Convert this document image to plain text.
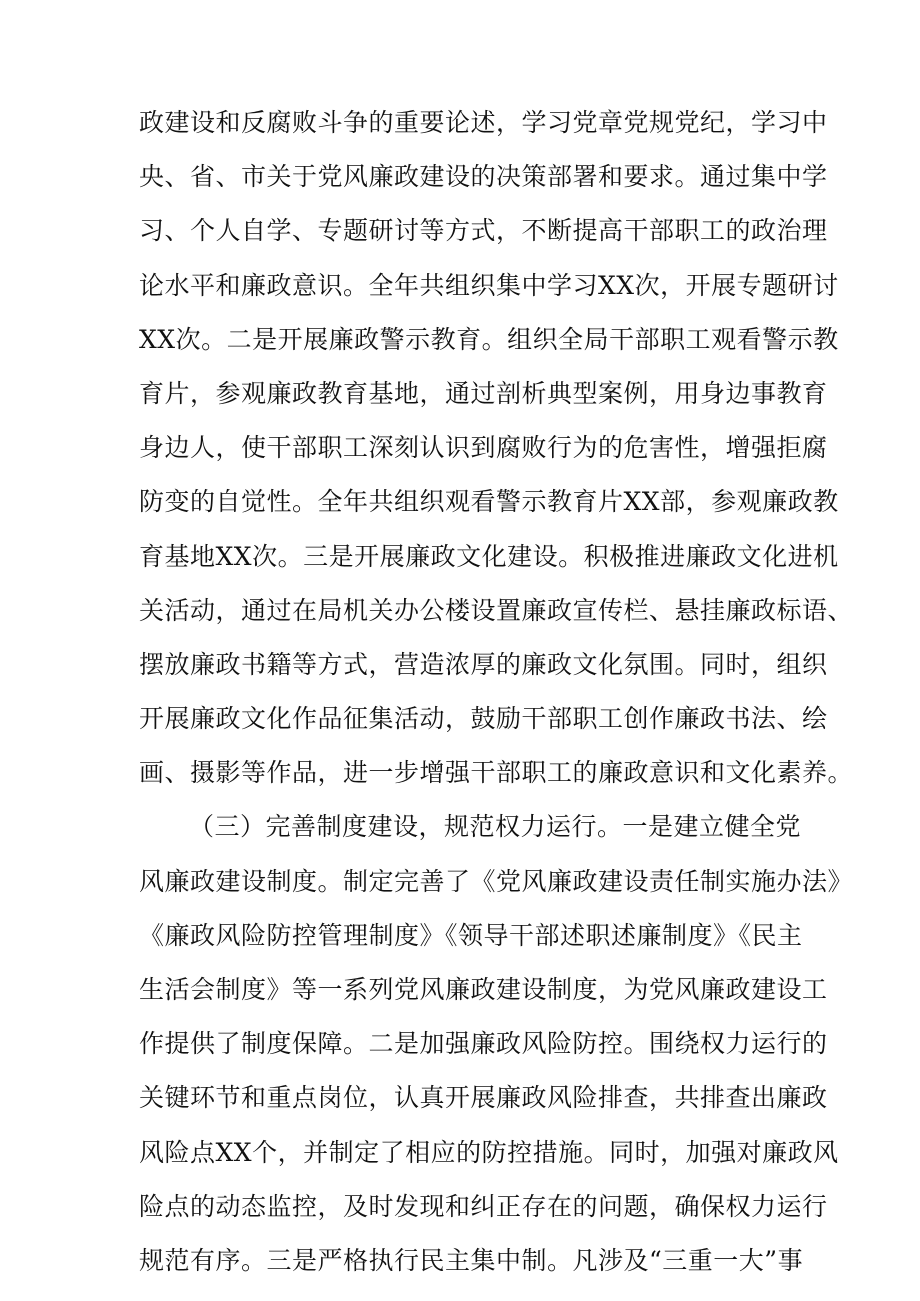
政建设和反腐败斗争的重要论述，学习党章党规党纪，学习中
央、省、市关于党风廉政建设的决策部署和要求。通过集中学
习、个人自学、专题研讨等方式，不断提高干部职工的政治理
论水平和廉政意识。全年共组织集中学习XX次，开展专题研讨
XX次。二是开展廉政警示教育。组织全局干部职工观看警示教
育片，参观廉政教育基地，通过剖析典型案例，用身边事教育
身边人，使干部职工深刻认识到腐败行为的危害性，增强拒腐
防变的自觉性。全年共组织观看警示教育片XX部，参观廉政教
育基地XX次。三是开展廉政文化建设。积极推进廉政文化进机
关活动，通过在局机关办公楼设置廉政宣传栏、悬挂廉政标语、
摆放廉政书籍等方式，营造浓厚的廉政文化氛围。同时，组织
开展廉政文化作品征集活动，鼓励干部职工创作廉政书法、绘
画、摄影等作品，进一步增强干部职工的廉政意识和文化素养。
（三）完善制度建设，规范权力运行。一是建立健全党
风廉政建设制度。制定完善了《党风廉政建设责任制实施办法》
《廉政风险防控管理制度》《领导干部述职述廉制度》《民主
生活会制度》等一系列党风廉政建设制度，为党风廉政建设工
作提供了制度保障。二是加强廉政风险防控。围绕权力运行的
关键环节和重点岗位，认真开展廉政风险排查，共排查出廉政
风险点XX个，并制定了相应的防控措施。同时，加强对廉政风
险点的动态监控，及时发现和纠正存在的问题，确保权力运行
规范有序。三是严格执行民主集中制。凡涉及“三重一大”事
